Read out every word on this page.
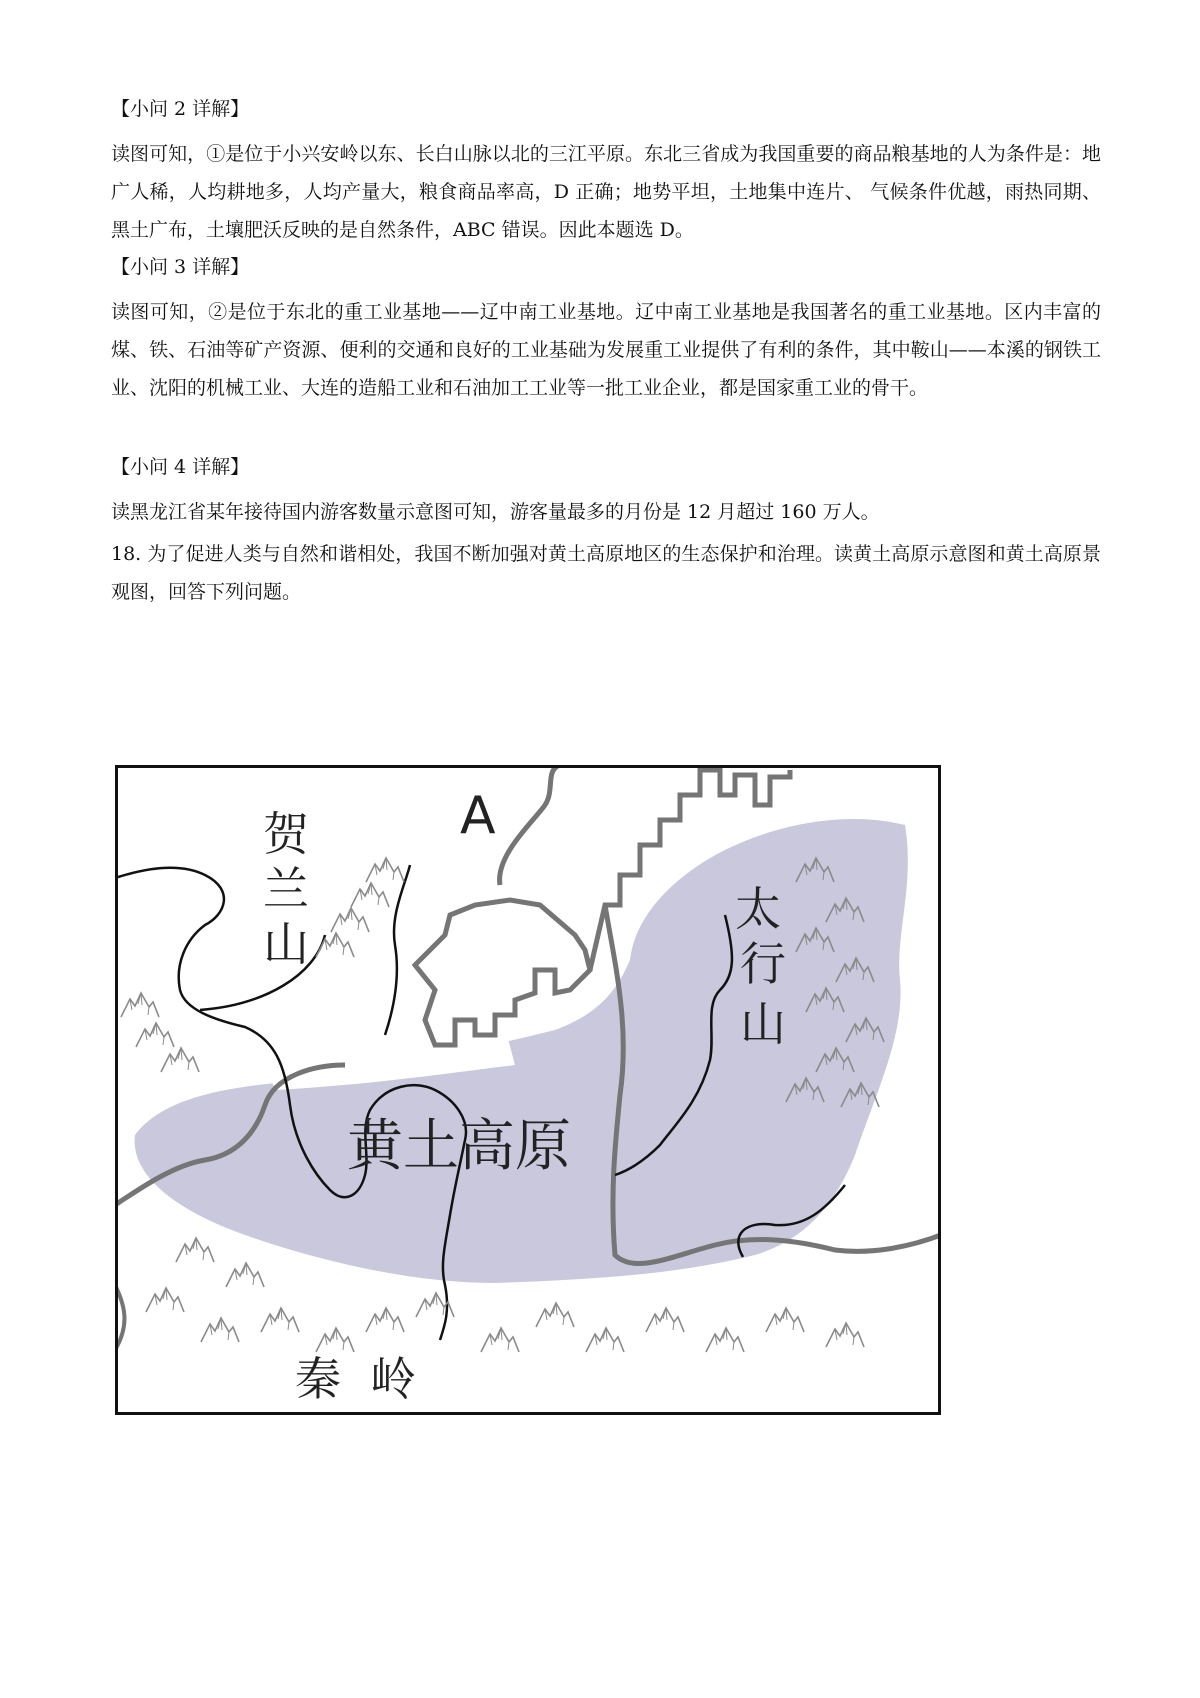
【小问 2 详解】
读图可知，①是位于小兴安岭以东、长白山脉以北的三江平原。东北三省成为我国重要的商品粮基地的人为条件是：地广人稀，人均耕地多，人均产量大，粮食商品率高，D 正确；地势平坦，土地集中连片、 气候条件优越，雨热同期、黑土广布，土壤肥沃反映的是自然条件，ABC 错误。因此本题选 D。
【小问 3 详解】
读图可知，②是位于东北的重工业基地——辽中南工业基地。辽中南工业基地是我国著名的重工业基地。区内丰富的煤、铁、石油等矿产资源、便利的交通和良好的工业基础为发展重工业提供了有利的条件，其中鞍山——本溪的钢铁工业、沈阳的机械工业、大连的造船工业和石油加工工业等一批工业企业，都是国家重工业的骨干。
【小问 4 详解】
读黑龙江省某年接待国内游客数量示意图可知，游客量最多的月份是 12 月超过 160 万人。
18. 为了促进人类与自然和谐相处，我国不断加强对黄土高原地区的生态保护和治理。读黄土高原示意图和黄土高原景观图，回答下列问题。
A
贺
兰
山
太
行
山
黄土高原
秦 岭
